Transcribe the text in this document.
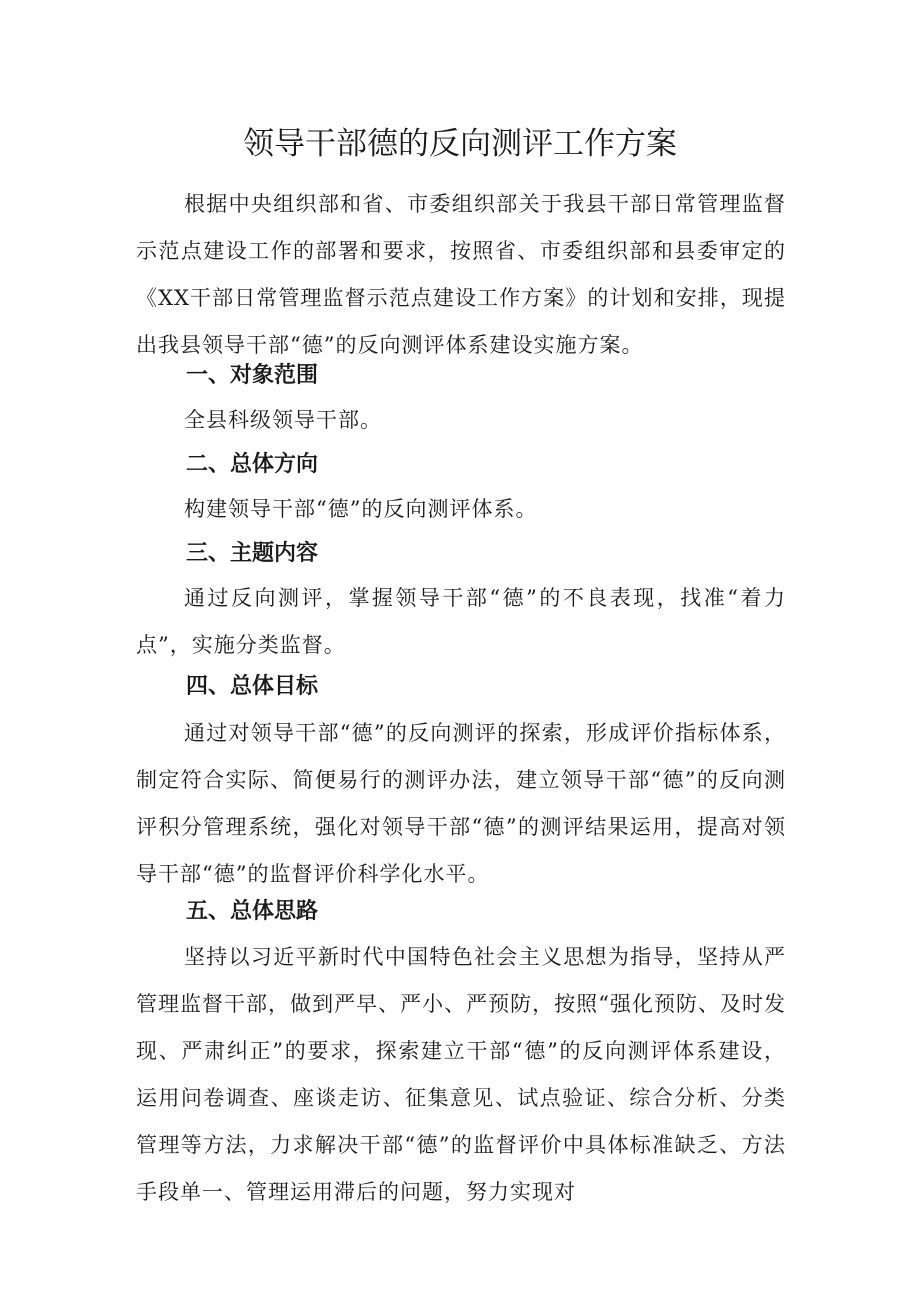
领导干部德的反向测评工作方案

根据中央组织部和省、市委组织部关于我县干部日常管理监督示范点建设工作的部署和要求，按照省、市委组织部和县委审定的《XX干部日常管理监督示范点建设工作方案》的计划和安排，现提出我县领导干部“德”的反向测评体系建设实施方案。

一、对象范围

全县科级领导干部。

二、总体方向

构建领导干部“德”的反向测评体系。

三、主题内容

通过反向测评，掌握领导干部“德”的不良表现，找准“着力点”，实施分类监督。

四、总体目标

通过对领导干部“德”的反向测评的探索，形成评价指标体系，制定符合实际、简便易行的测评办法，建立领导干部“德”的反向测评积分管理系统，强化对领导干部“德”的测评结果运用，提高对领导干部“德”的监督评价科学化水平。

五、总体思路

坚持以习近平新时代中国特色社会主义思想为指导，坚持从严管理监督干部，做到严早、严小、严预防，按照“强化预防、及时发现、严肃纠正”的要求，探索建立干部“德”的反向测评体系建设，运用问卷调查、座谈走访、征集意见、试点验证、综合分析、分类管理等方法，力求解决干部“德”的监督评价中具体标准缺乏、方法手段单一、管理运用滞后的问题，努力实现对
